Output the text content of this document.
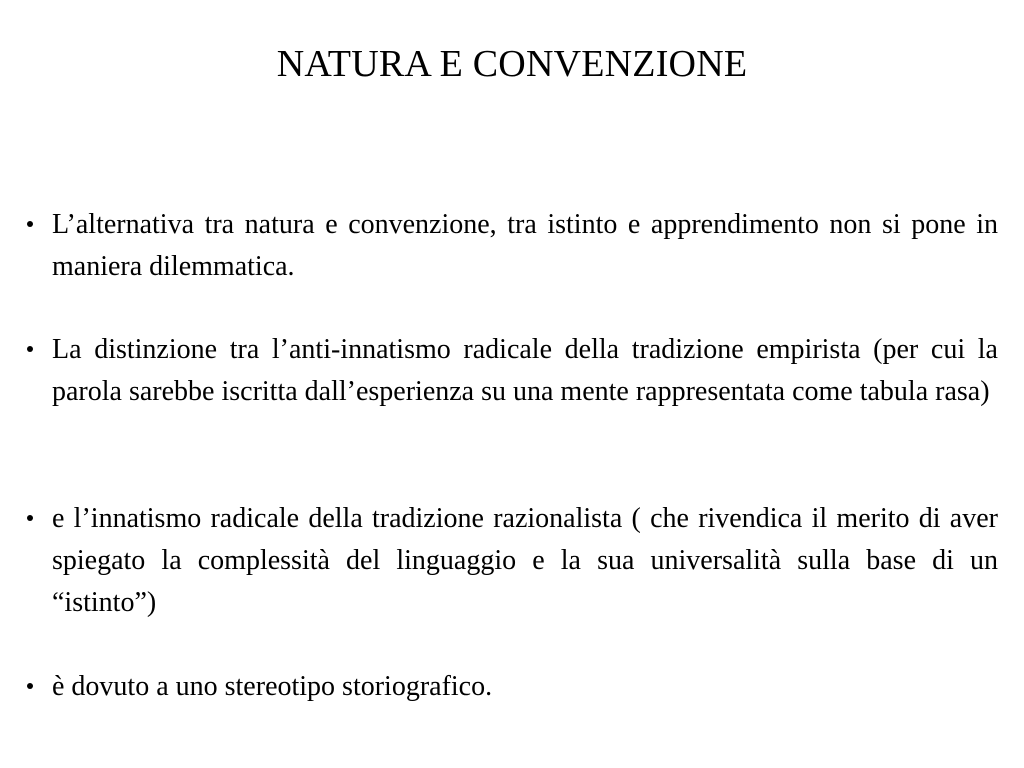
NATURA E CONVENZIONE
L’alternativa tra natura e convenzione, tra istinto e apprendimento non si pone in maniera dilemmatica.
La distinzione tra l’anti-innatismo radicale della tradizione empirista (per cui la parola sarebbe iscritta dall’esperienza su una mente rappresentata come tabula rasa)
e l’innatismo radicale della tradizione razionalista ( che rivendica il merito di aver spiegato la complessità del linguaggio e la sua universalità sulla base di un “istinto”)
è dovuto a uno stereotipo storiografico.
